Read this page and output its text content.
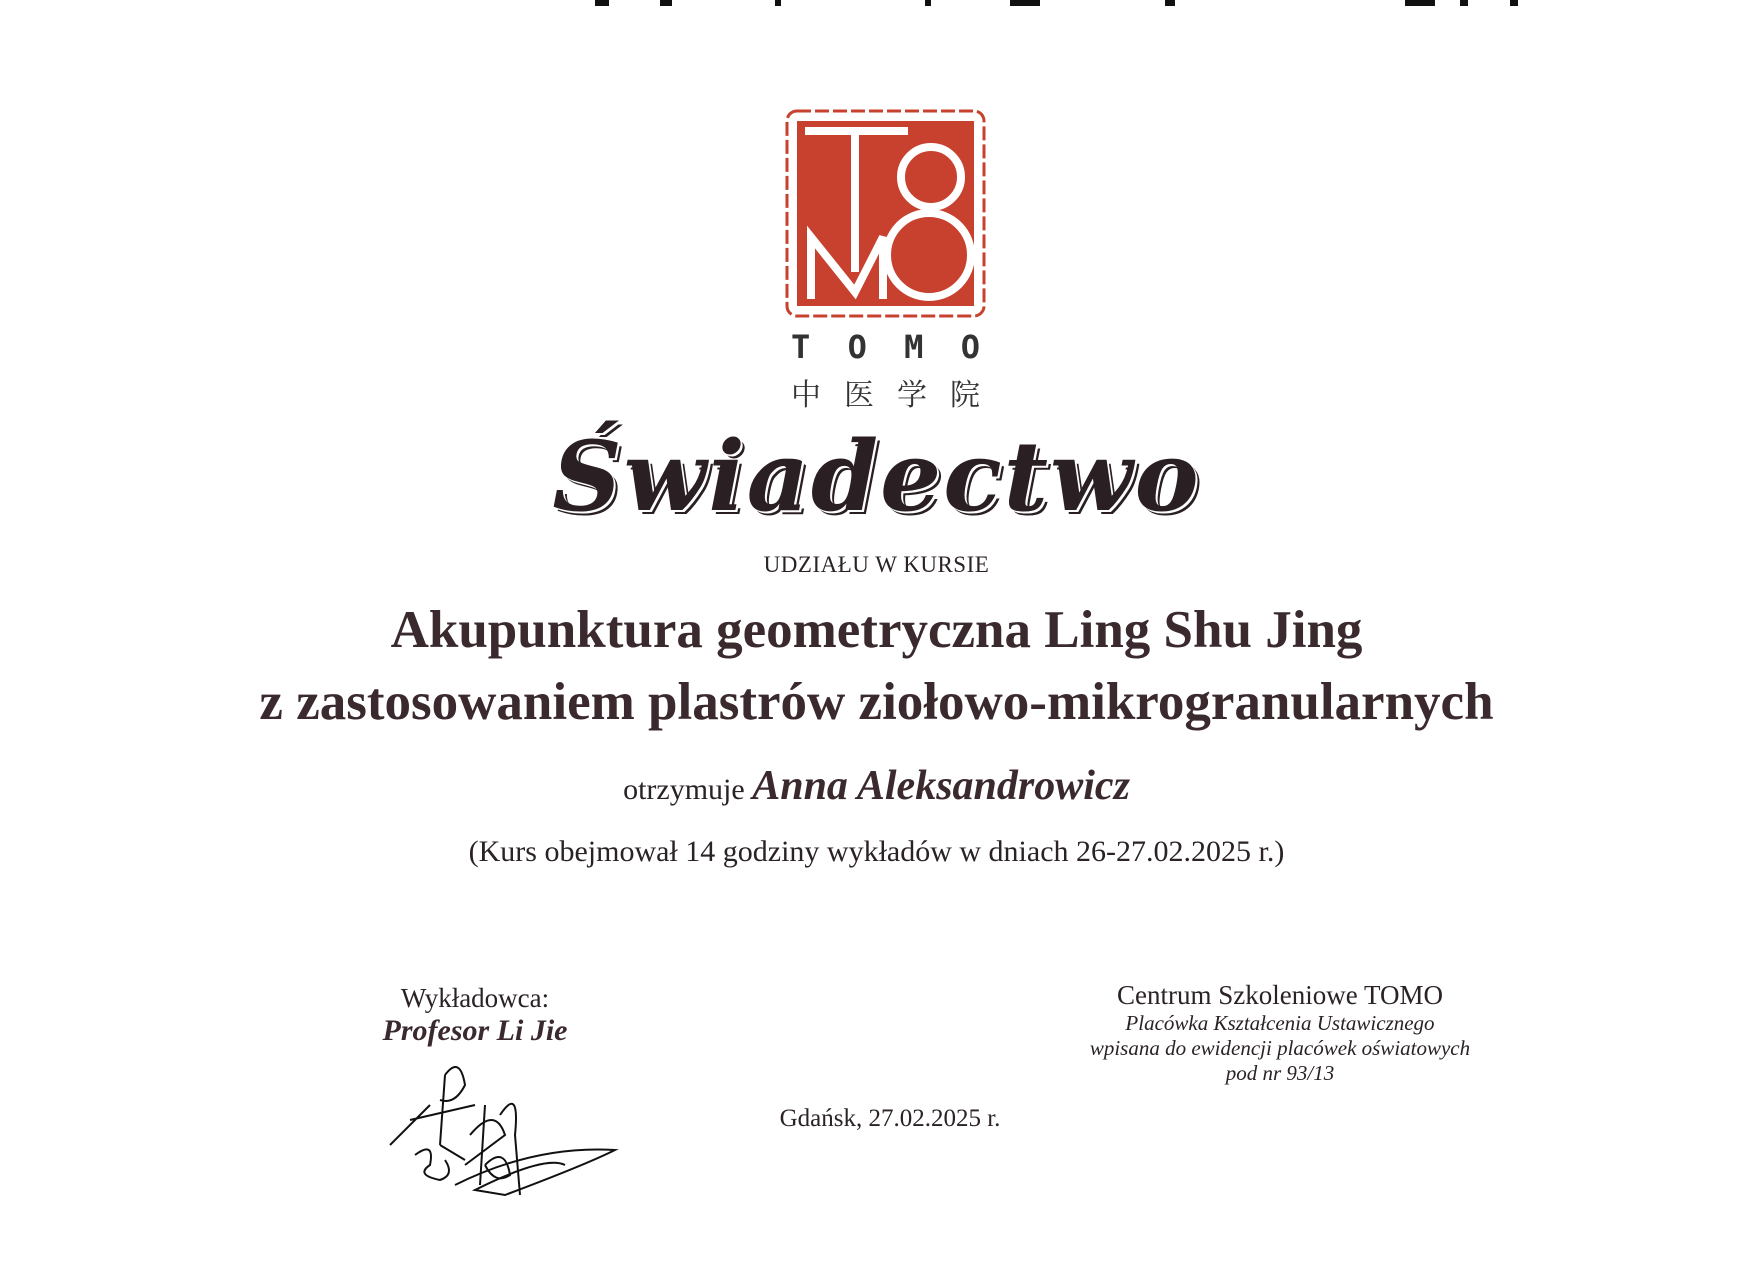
T O M O
中 医 学 院
Świadectwo
UDZIAŁU W KURSIE
Akupunktura geometryczna Ling Shu Jing
z zastosowaniem plastrów ziołowo-mikrogranularnych
otrzymuje Anna Aleksandrowicz
(Kurs obejmował 14 godziny wykładów w dniach 26-27.02.2025 r.)
Wykładowca:
Profesor Li Jie
Gdańsk, 27.02.2025 r.
Centrum Szkoleniowe TOMO
Placówka Kształcenia Ustawicznego
wpisana do ewidencji placówek oświatowych
pod nr 93/13
